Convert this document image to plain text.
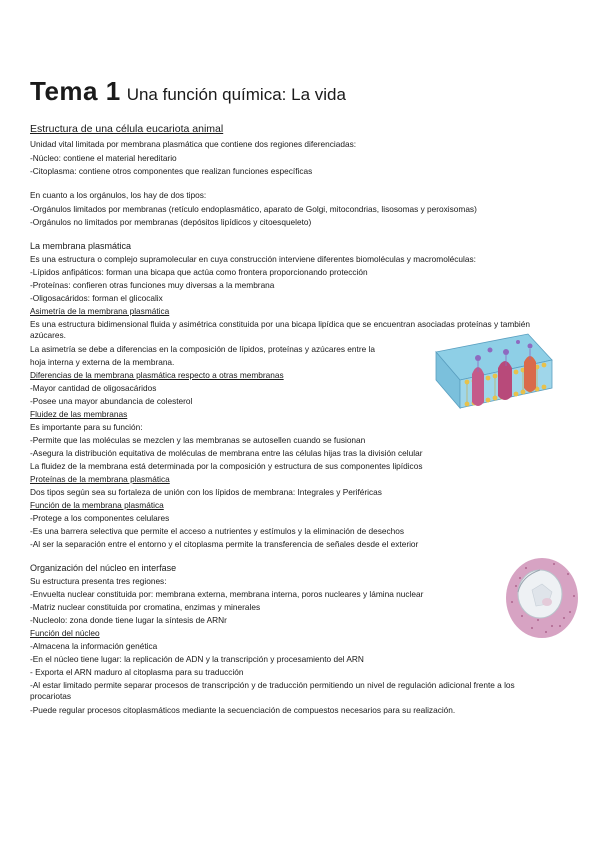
Tema 1 Una función química: La vida
Estructura de una célula eucariota animal
Unidad vital limitada por membrana plasmática que contiene dos regiones diferenciadas:
-Núcleo: contiene el material hereditario
-Citoplasma: contiene otros componentes que realizan funciones específicas
En cuanto a los orgánulos, los hay de dos tipos:
-Orgánulos limitados por membranas (retículo endoplasmático, aparato de Golgi, mitocondrias, lisosomas y peroxisomas)
-Orgánulos no limitados por membranas (depósitos lipídicos y citoesqueleto)
La membrana plasmática
Es una estructura o complejo supramolecular en cuya construcción interviene diferentes biomoléculas y macromoléculas:
-Lípidos anfipáticos: forman una bicapa que actúa como frontera proporcionando protección
-Proteínas: confieren otras funciones muy diversas a la membrana
-Oligosacáridos: forman el glicocalix
Asimetría de la membrana plasmática
Es una estructura bidimensional fluida y asimétrica constituida por una bicapa lipídica que se encuentran asociadas proteínas y también azúcares.
La asimetría se debe a diferencias en la composición de lípidos, proteínas y azúcares entre la
hoja interna y externa de la membrana.
Diferencias de la membrana plasmática respecto a otras membranas
-Mayor cantidad de oligosacáridos
-Posee una mayor abundancia de colesterol
Fluidez de las membranas
Es importante para su función:
-Permite que las moléculas se mezclen y las membranas se autosellen cuando se fusionan
-Asegura la distribución equitativa de moléculas de membrana entre las células hijas tras la división celular
La fluidez de la membrana está determinada por la composición y estructura de sus componentes lipídicos
Proteínas de la membrana plasmática
Dos tipos según sea su fortaleza de unión con los lípidos de membrana: Integrales y Periféricas
Función de la membrana plasmática
-Protege a los componentes celulares
-Es una barrera selectiva que permite el acceso a nutrientes y estímulos y la eliminación de desechos
-Al ser la separación entre el entorno y el citoplasma permite la transferencia de señales desde el exterior
Organización del núcleo en interfase
Su estructura presenta tres regiones:
-Envuelta nuclear constituida por: membrana externa, membrana interna, poros nucleares y lámina nuclear
-Matriz nuclear constituida por cromatina, enzimas y minerales
-Nucleolo: zona donde tiene lugar la síntesis de ARNr
Función del núcleo
-Almacena la información genética
-En el núcleo tiene lugar: la replicación de ADN y la transcripción y procesamiento del ARN
- Exporta el ARN maduro al citoplasma para su traducción
-Al estar limitado permite separar procesos de transcripción y de traducción permitiendo un nivel de regulación adicional frente a los procariotas
-Puede regular procesos citoplasmáticos mediante la secuenciación de compuestos necesarios para su realización.
